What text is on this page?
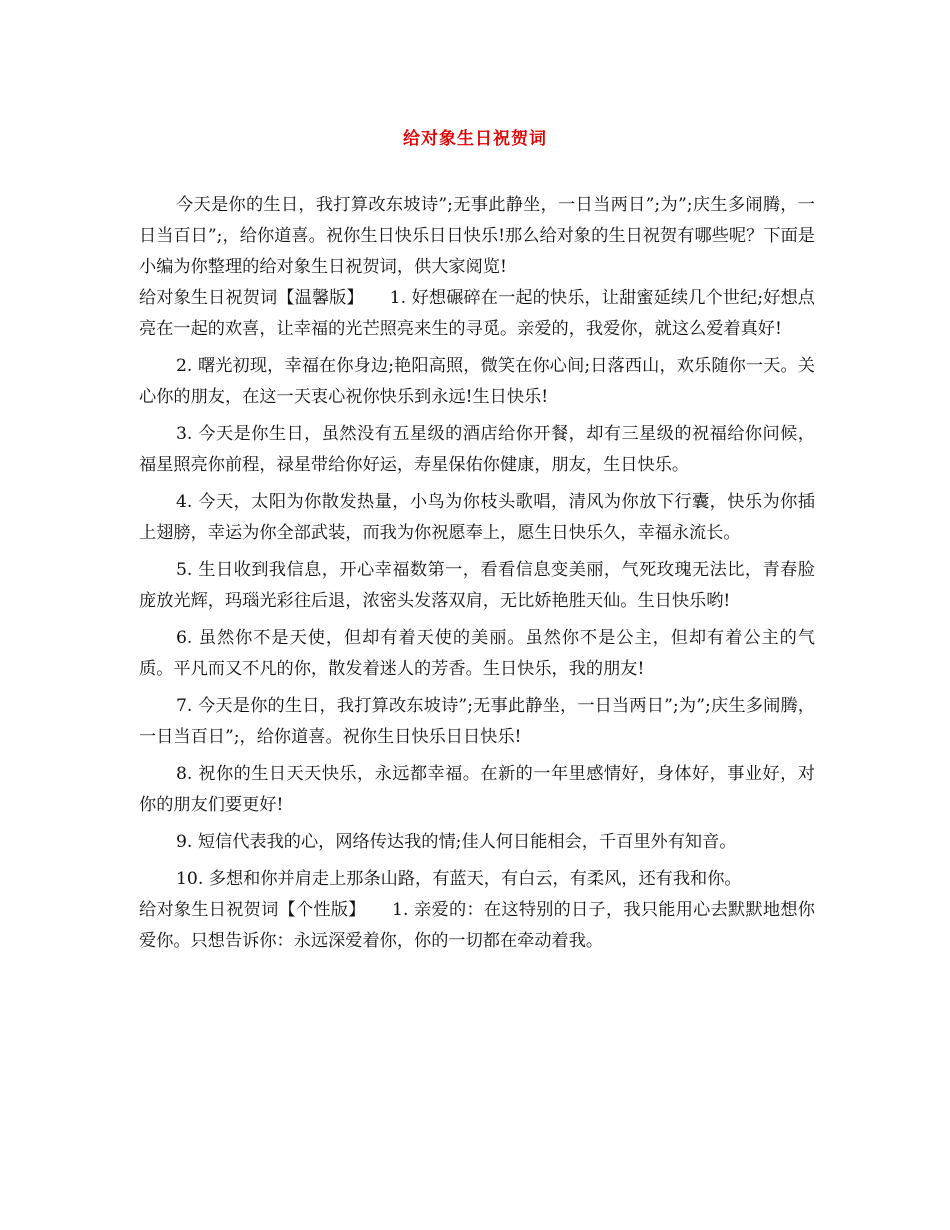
给对象生日祝贺词

今天是你的生日，我打算改东坡诗”;无事此静坐，一日当两日”;为”;庆生多闹腾，一日当百日”;，给你道喜。祝你生日快乐日日快乐!那么给对象的生日祝贺有哪些呢？下面是小编为你整理的给对象生日祝贺词，供大家阅览!

给对象生日祝贺词【温馨版】　　1. 好想碾碎在一起的快乐，让甜蜜延续几个世纪;好想点亮在一起的欢喜，让幸福的光芒照亮来生的寻觅。亲爱的，我爱你，就这么爱着真好!

2. 曙光初现，幸福在你身边;艳阳高照，微笑在你心间;日落西山，欢乐随你一天。关心你的朋友，在这一天衷心祝你快乐到永远!生日快乐!

3. 今天是你生日，虽然没有五星级的酒店给你开餐，却有三星级的祝福给你问候，福星照亮你前程，禄星带给你好运，寿星保佑你健康，朋友，生日快乐。

4. 今天，太阳为你散发热量，小鸟为你枝头歌唱，清风为你放下行囊，快乐为你插上翅膀，幸运为你全部武装，而我为你祝愿奉上，愿生日快乐久，幸福永流长。

5. 生日收到我信息，开心幸福数第一，看看信息变美丽，气死玫瑰无法比，青春脸庞放光辉，玛瑙光彩往后退，浓密头发落双肩，无比娇艳胜天仙。生日快乐哟!

6. 虽然你不是天使，但却有着天使的美丽。虽然你不是公主，但却有着公主的气质。平凡而又不凡的你，散发着迷人的芳香。生日快乐，我的朋友!

7. 今天是你的生日，我打算改东坡诗”;无事此静坐，一日当两日”;为”;庆生多闹腾，一日当百日”;，给你道喜。祝你生日快乐日日快乐!

8. 祝你的生日天天快乐，永远都幸福。在新的一年里感情好，身体好，事业好，对你的朋友们要更好!

9. 短信代表我的心，网络传达我的情;佳人何日能相会，千百里外有知音。

10. 多想和你并肩走上那条山路，有蓝天，有白云，有柔风，还有我和你。

给对象生日祝贺词【个性版】　　1. 亲爱的：在这特别的日子，我只能用心去默默地想你爱你。只想告诉你：永远深爱着你，你的一切都在牵动着我。
